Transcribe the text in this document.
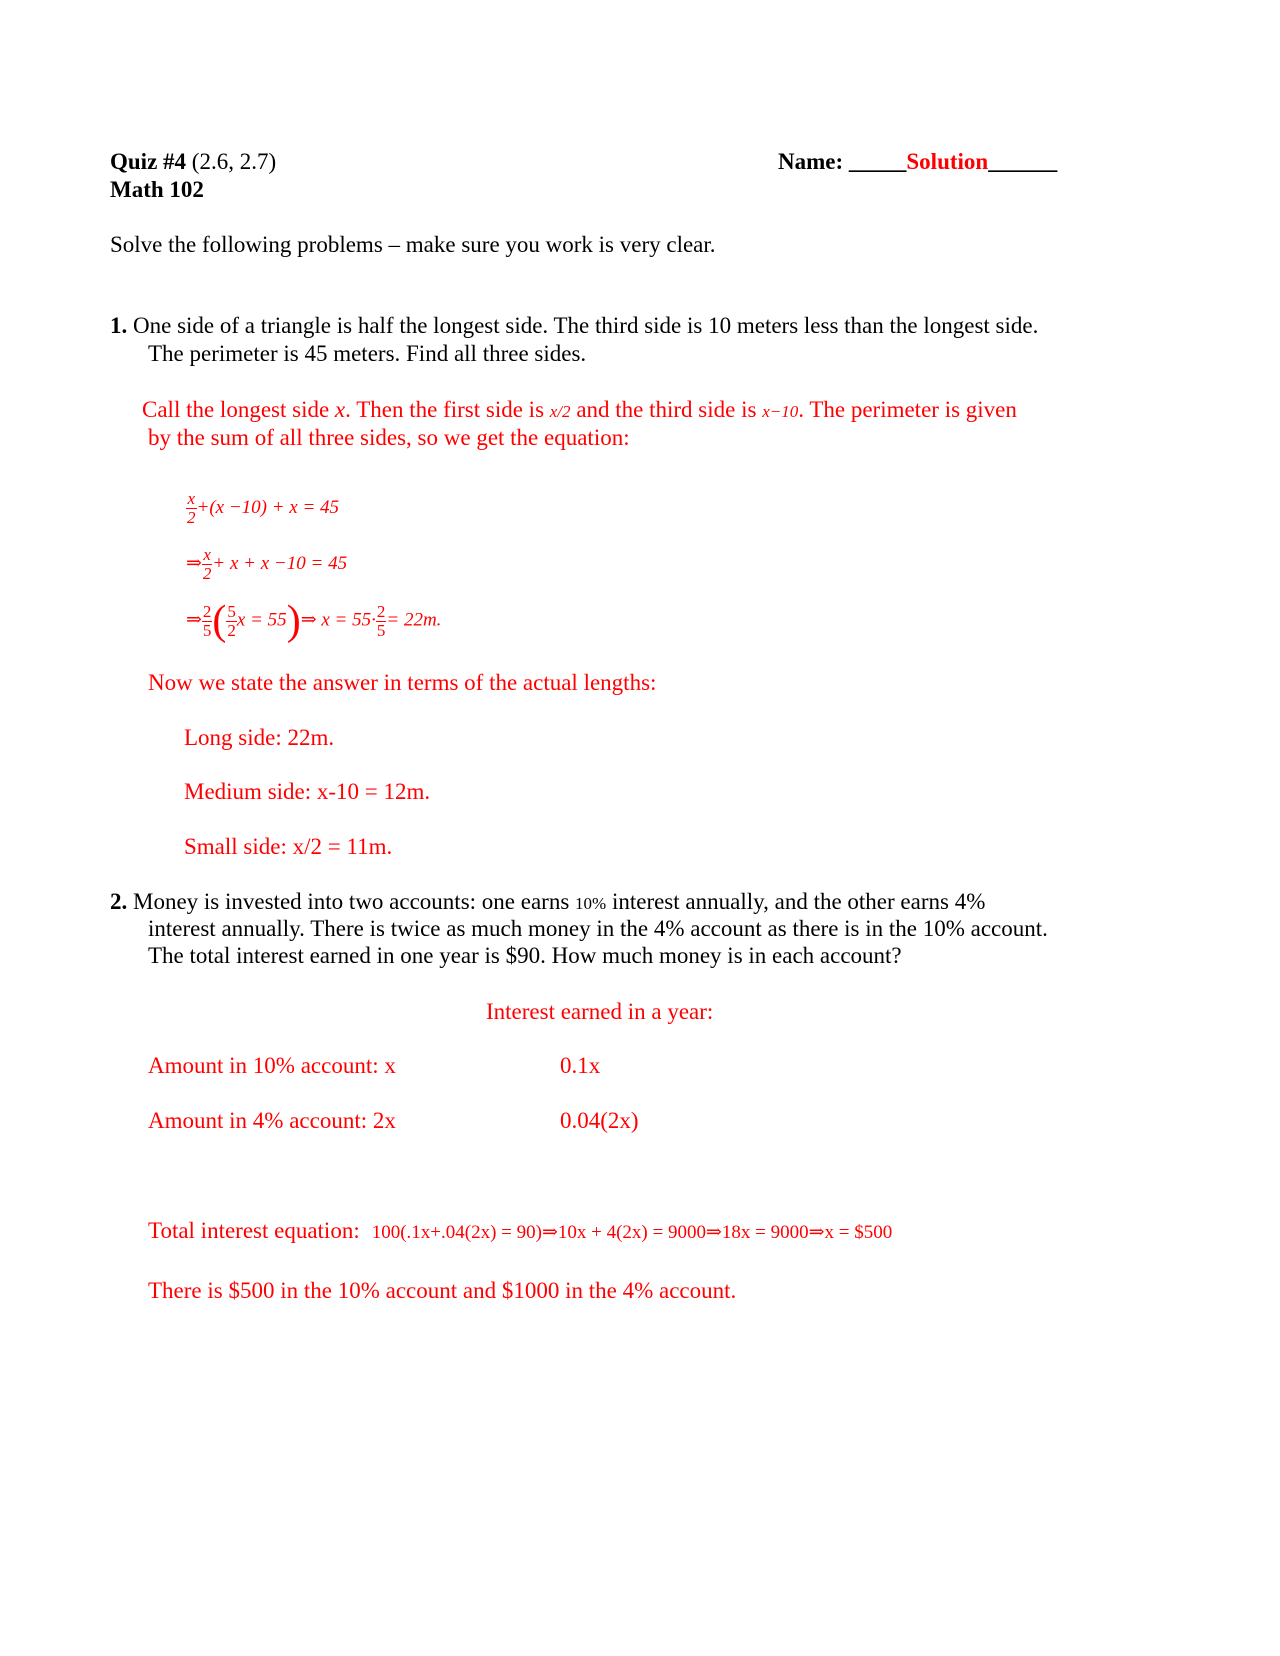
Quiz #4 (2.6, 2.7)
Math 102
Name: _____Solution______
Solve the following problems – make sure you work is very clear.
1. One side of a triangle is half the longest side. The third side is 10 meters less than the longest side.
The perimeter is 45 meters. Find all three sides.
Call the longest side x. Then the first side is x/2 and the third side is x−10. The perimeter is given
by the sum of all three sides, so we get the equation:
$\frac{x}{2} +(x -10) + x = 45$
⇒ $\frac{x}{2} + x + x -10 = 45$
⇒ $\frac{2}{5}$ ( $\frac{5}{2}$ x = 55)⇒ $x = 55\cdot \frac{2}{5} = 22m$.
Now we state the answer in terms of the actual lengths:
Long side: 22m.
Medium side: x-10 = 12m.
Small side: x/2 = 11m.
2. Money is invested into two accounts: one earns 10% interest annually, and the other earns 4%
interest annually. There is twice as much money in the 4% account as there is in the 10% account.
The total interest earned in one year is $90. How much money is in each account?
Interest earned in a year:
Amount in 10% account: x	0.1x
Amount in 4% account: 2x	0.04(2x)
Total interest equation: 100(.1x+.04(2x) = 90)⇒10x + 4(2x) = 9000⇒18x = 9000⇒x = $500
There is $500 in the 10% account and $1000 in the 4% account.
